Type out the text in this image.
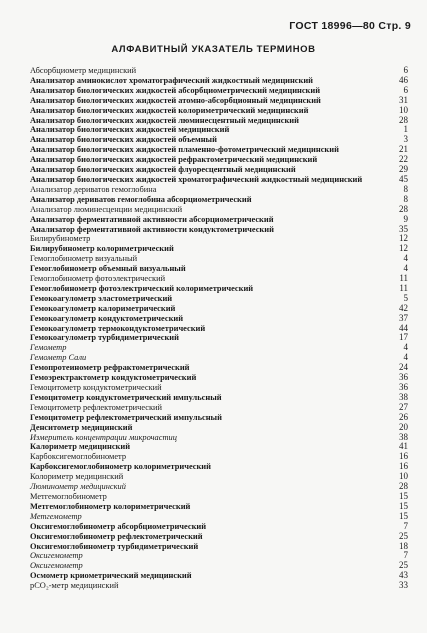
ГОСТ 18996—80 Стр. 9
АЛФАВИТНЫЙ УКАЗАТЕЛЬ ТЕРМИНОВ
Абсорбциометр медицинский	6
Анализатор аминокислот хроматографический жидкостный медицинский	46
Анализатор биологических жидкостей абсорбциометрический медицинский	6
Анализатор биологических жидкостей атомно-абсорбционный медицинский	31
Анализатор биологических жидкостей колориметрический медицинский	10
Анализатор биологических жидкостей люминесцентный медицинский	28
Анализатор биологических жидкостей медицинский	1
Анализатор биологических жидкостей объемный	3
Анализатор биологических жидкостей пламенно-фотометрический медицинский	21
Анализатор биологических жидкостей рефрактометрический медицинский	22
Анализатор биологических жидкостей флуоресцентный медицинский	29
Анализатор биологических жидкостей хроматографический жидкостный медицинский	45
Анализатор дериватов гемоглобина	8
Анализатор дериватов гемоглобина абсорциометрический	8
Анализатор люминесценции медицинский	28
Анализатор ферментативной активности абсорциометрический	9
Анализатор ферментативной активности кондуктометрический	35
Билирубинометр	12
Билирубинометр колориметрический	12
Гемоглобинометр визуальный	4
Гемоглобинометр объемный визуальный	4
Гемоглобинометр фотоэлектрический	11
Гемоглобинометр фотоэлектрический колориметрический	11
Гемокоагулометр эластометрический	5
Гемокоагулометр калориметрический	42
Гемокоагулометр кондуктометрический	37
Гемокоагулометр термокондуктометрический	44
Гемокоагулометр турбидиметрический	17
Гемометр	4
Гемометр Сали	4
Гемопротеинометр рефрактометрический	24
Гемоэректрактометр кондуктометрический	36
Гемоцитометр кондуктометрический	36
Гемоцитометр кондуктометрический импульсный	38
Гемоцитометр рефлектометрический	27
Гемоцитометр рефлектометрический импульсный	26
Денситометр медицинский	20
Измеритель концентрации микрочастиц	38
Калориметр медицинский	41
Карбоксигемоглобинометр	16
Карбоксигемоглобинометр колориметрический	16
Колориметр медицинский	10
Люминометр медицинский	28
Метгемоглобинометр	15
Метгемоглобинометр колориметрический	15
Метгемометр	15
Оксигемоглобинометр абсорбциометрический	7
Оксигемоглобинометр рефлектометрический	25
Оксигемоглобинометр турбидиметрический	18
Оксигемометр	7
Оксигемометр	25
Осмометр криометрический медицинский	43
pCO₂-метр медицинский	33
